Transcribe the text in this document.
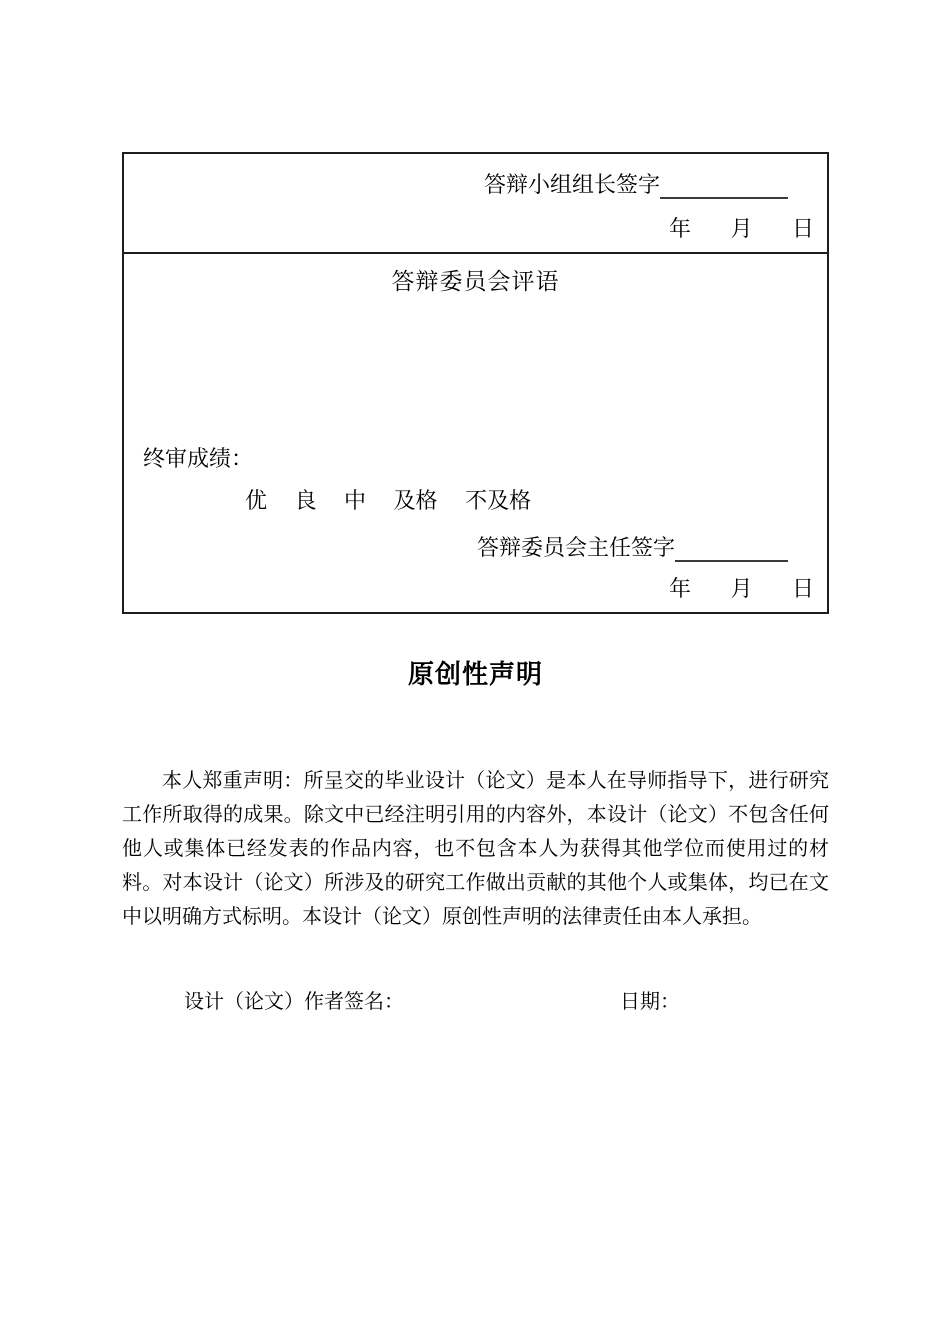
答辩小组组长签字
年 月 日
答辩委员会评语
终审成绩：
优 良 中 及格 不及格
答辩委员会主任签字
年 月 日
原创性声明
本人郑重声明：所呈交的毕业设计（论文）是本人在导师指导下，进行研究工作所取得的成果。除文中已经注明引用的内容外，本设计（论文）不包含任何他人或集体已经发表的作品内容，也不包含本人为获得其他学位而使用过的材料。对本设计（论文）所涉及的研究工作做出贡献的其他个人或集体，均已在文中以明确方式标明。本设计（论文）原创性声明的法律责任由本人承担。
设计（论文）作者签名：	日期：
